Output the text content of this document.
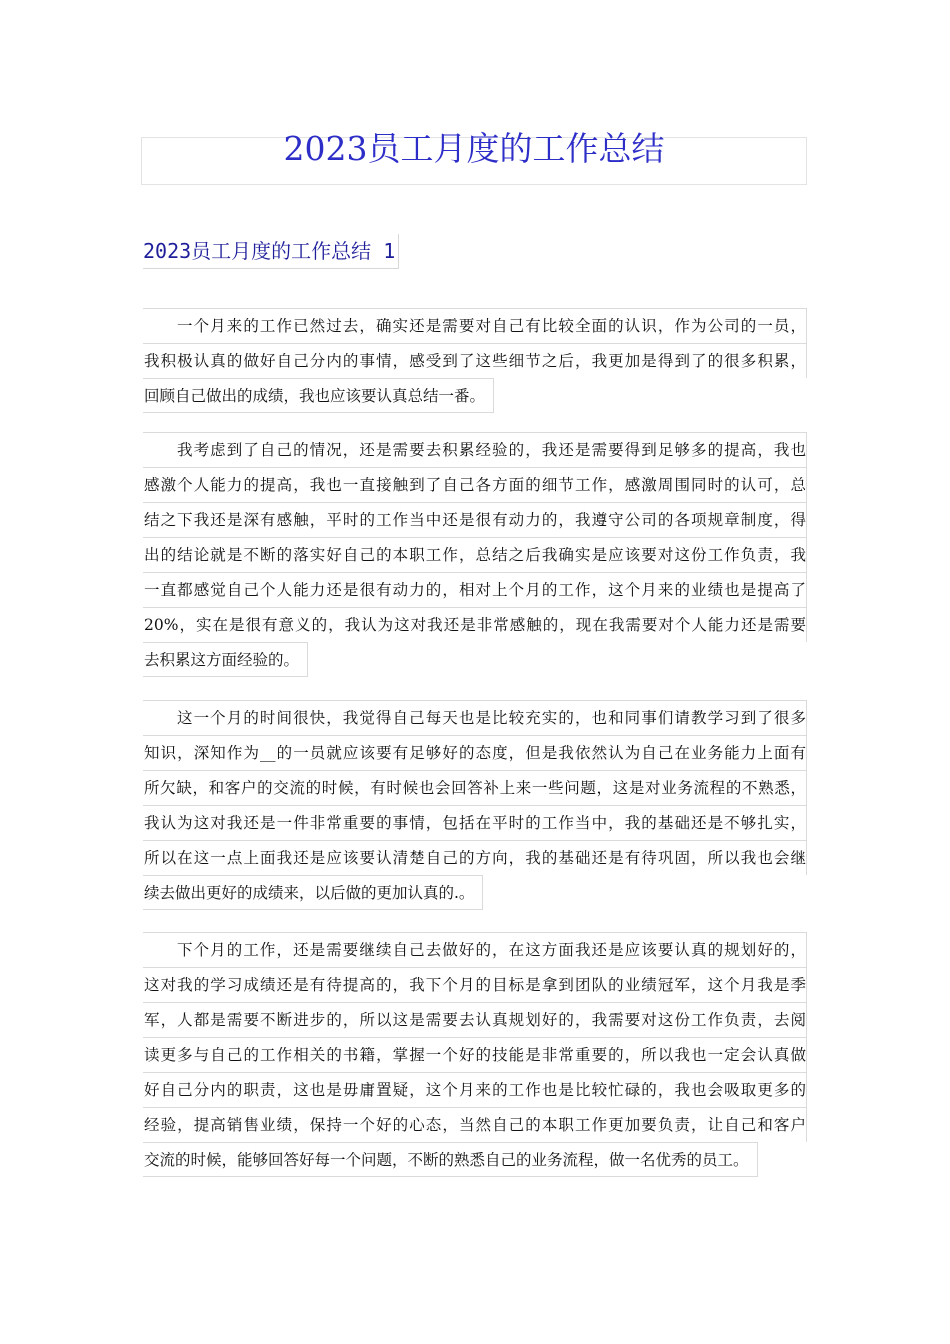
2023员工月度的工作总结
2023员工月度的工作总结 1
一个月来的工作已然过去，确实还是需要对自己有比较全面的认识，作为公司的一员，
我积极认真的做好自己分内的事情，感受到了这些细节之后，我更加是得到了的很多积累，
回顾自己做出的成绩，我也应该要认真总结一番。
我考虑到了自己的情况，还是需要去积累经验的，我还是需要得到足够多的提高，我也
感激个人能力的提高，我也一直接触到了自己各方面的细节工作，感激周围同时的认可，总
结之下我还是深有感触，平时的工作当中还是很有动力的，我遵守公司的各项规章制度，得
出的结论就是不断的落实好自己的本职工作，总结之后我确实是应该要对这份工作负责，我
一直都感觉自己个人能力还是很有动力的，相对上个月的工作，这个月来的业绩也是提高了
20%，实在是很有意义的，我认为这对我还是非常感触的，现在我需要对个人能力还是需要
去积累这方面经验的。
这一个月的时间很快，我觉得自己每天也是比较充实的，也和同事们请教学习到了很多
知识，深知作为__的一员就应该要有足够好的态度，但是我依然认为自己在业务能力上面有
所欠缺，和客户的交流的时候，有时候也会回答补上来一些问题，这是对业务流程的不熟悉，
我认为这对我还是一件非常重要的事情，包括在平时的工作当中，我的基础还是不够扎实，
所以在这一点上面我还是应该要认清楚自己的方向，我的基础还是有待巩固，所以我也会继
续去做出更好的成绩来，以后做的更加认真的.。
下个月的工作，还是需要继续自己去做好的，在这方面我还是应该要认真的规划好的，
这对我的学习成绩还是有待提高的，我下个月的目标是拿到团队的业绩冠军，这个月我是季
军，人都是需要不断进步的，所以这是需要去认真规划好的，我需要对这份工作负责，去阅
读更多与自己的工作相关的书籍，掌握一个好的技能是非常重要的，所以我也一定会认真做
好自己分内的职责，这也是毋庸置疑，这个月来的工作也是比较忙碌的，我也会吸取更多的
经验，提高销售业绩，保持一个好的心态，当然自己的本职工作更加要负责，让自己和客户
交流的时候，能够回答好每一个问题，不断的熟悉自己的业务流程，做一名优秀的员工。
